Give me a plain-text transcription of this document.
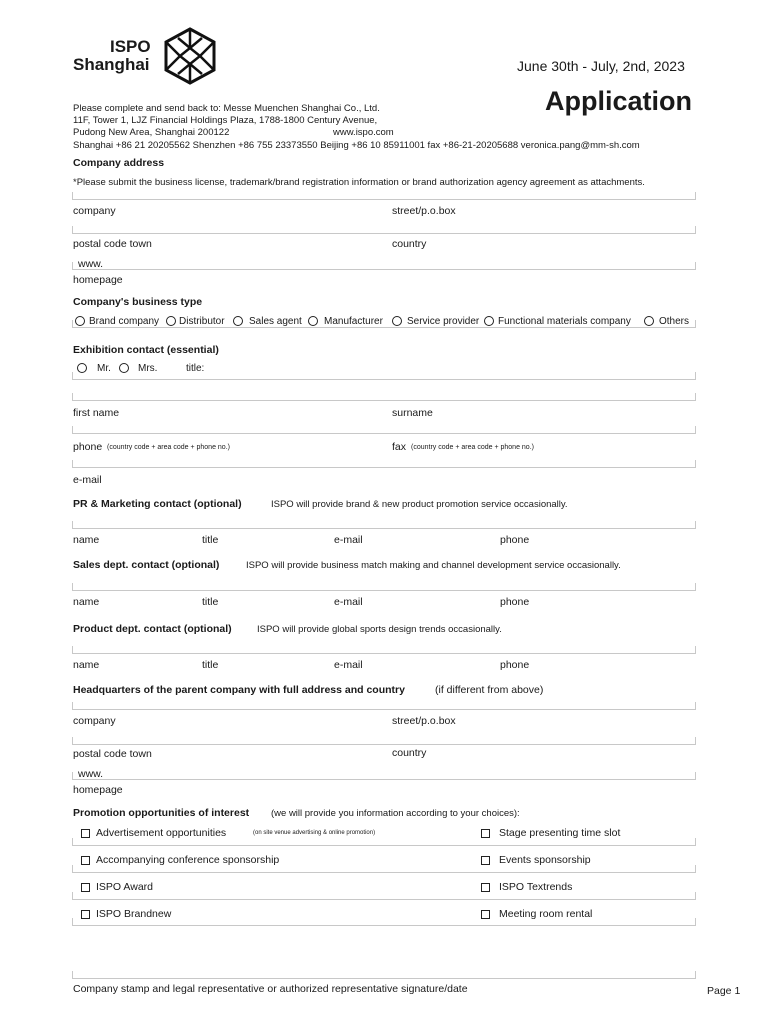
ISPO
Shanghai	June 30th - July, 2nd, 2023
Application
Please complete and send back to: Messe Muenchen Shanghai Co., Ltd.
11F, Tower 1, LJZ Financial Holdings Plaza, 1788-1800 Century Avenue,
Pudong New Area, Shanghai 200122	www.ispo.com
Shanghai +86 21 20205562 Shenzhen +86 755 23373550 Beijing +86 10 85911001 fax +86-21-20205688 veronica.pang@mm-sh.com
Company address
*Please submit the business license, trademark/brand registration information or brand authorization agency agreement as attachments.
company	street/p.o.box
postal code town	country
www.
homepage
Company's business type
Brand company Distributor Sales agent Manufacturer Service provider Functional materials company	Others
Exhibition contact (essential)
Mr.	Mrs.	title:
first name	surname
phone (country code + area code + phone no.)	fax (country code + area code + phone no.)
e-mail
PR & Marketing contact (optional)	ISPO will provide brand & new product promotion service occasionally.
name	title	e-mail	phone
Sales dept. contact (optional)	ISPO will provide business match making and channel development service occasionally.
name	title	e-mail	phone
Product dept. contact (optional)	ISPO will provide global sports design trends occasionally.
name	title	e-mail	phone
Headquarters of the parent company with full address and country	(if different from above)
company	street/p.o.box
postal code town	country
www.
homepage
Promotion opportunities of interest (we will provide you information according to your choices):
Advertisement opportunities	(on site venue advertising & online promotion)	Stage presenting time slot
Accompanying conference sponsorship	Events sponsorship
ISPO Award	ISPO Textrends
ISPO Brandnew	Meeting room rental
Company stamp and legal representative or authorized representative signature/date	Page 1
